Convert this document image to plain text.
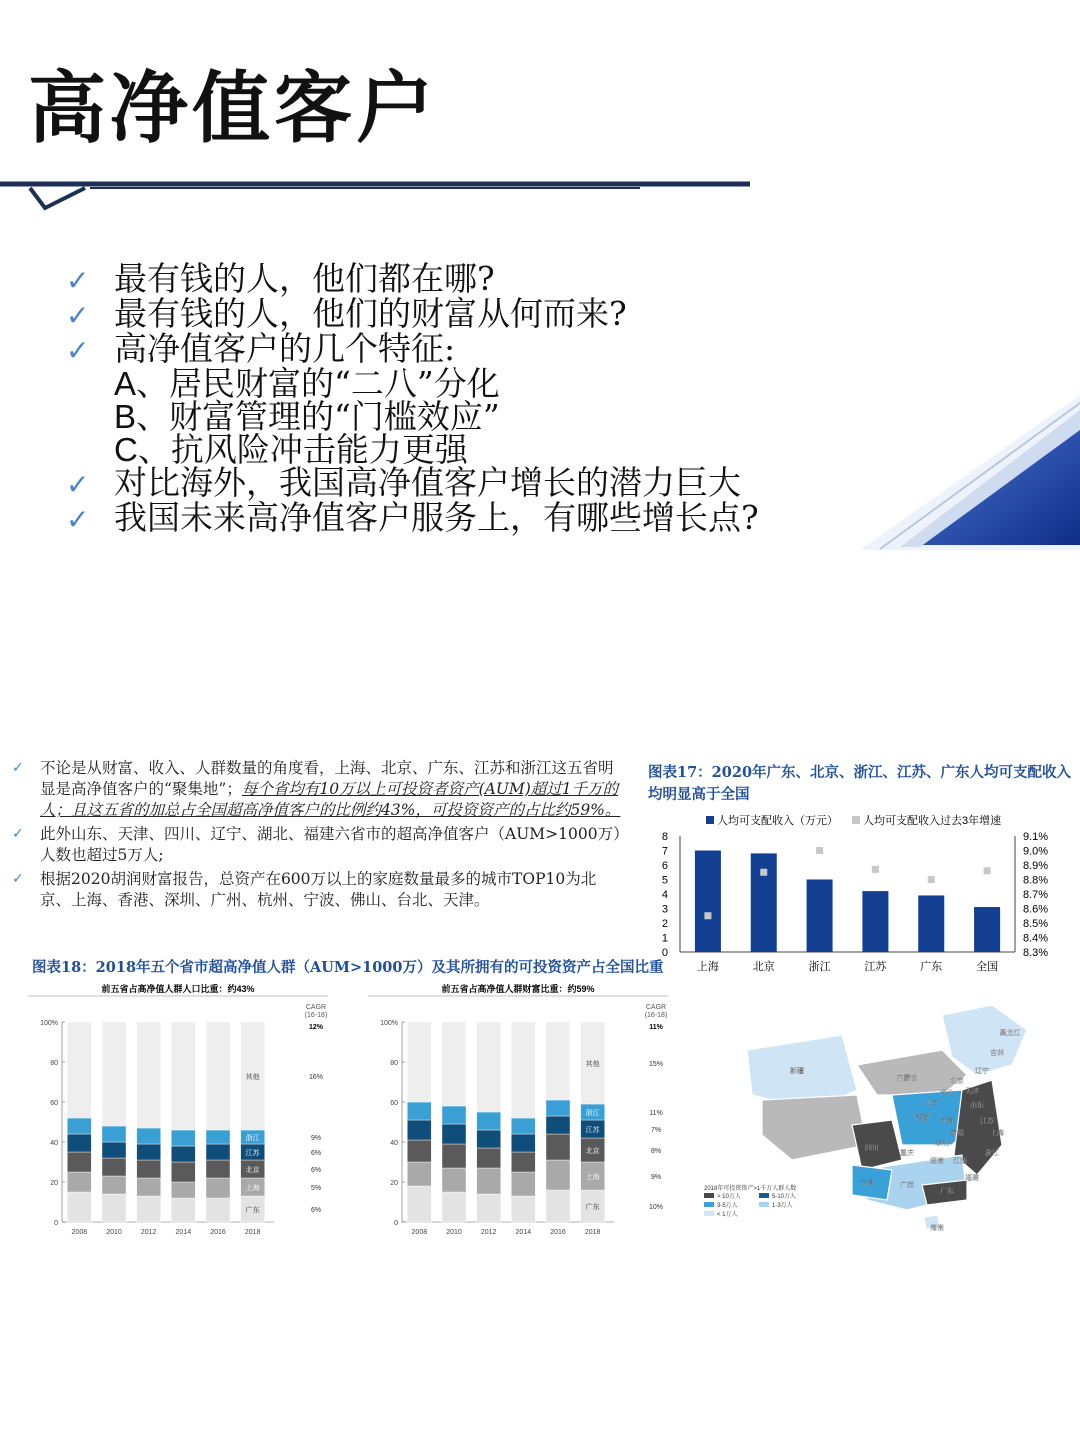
高净值客户
✓ 最有钱的人，他们都在哪?
✓ 最有钱的人，他们的财富从何而来?
✓ 高净值客户的几个特征:
A、居民财富的“二八”分化
B、财富管理的“门槛效应”
C、抗风险冲击能力更强
✓ 对比海外，我国高净值客户增长的潜力巨大
✓ 我国未来高净值客户服务上，有哪些增长点?
✓	不论是从财富、收入、人群数量的角度看，上海、北京、广东、江苏和浙江这五省明显是高净值客户的“聚集地”；每个省均有10万以上可投资者资产(AUM)超过1千万的人；且这五省的加总占全国超高净值客户的比例约43%，可投资资产的占比约59%。
✓	此外山东、天津、四川、辽宁、湖北、福建六省市的超高净值客户（AUM>1000万）人数也超过5万人;
✓	根据2020胡润财富报告，总资产在600万以上的家庭数量最多的城市TOP10为北京、上海、香港、深圳、广州、杭州、宁波、佛山、台北、天津。
图表17：2020年广东、北京、浙江、江苏、广东人均可支配收入均明显高于全国
人均可支配收入（万元） 人均可支配收入过去3年增速
0
1
2
3
4
5
6
7
8
8.3%
8.4%
8.5%
8.6%
8.7%
8.8%
8.9%
9.0%
9.1%
上海	北京	浙江	江苏	广东	全国
图表18：2018年五个省市超高净值人群（AUM>1000万）及其所拥有的可投资资产占全国比重
前五省占高净值人群人口比重：约43%
CAGR
(16-18)
12%
0
20
40
60
80
100%
2008	2010	2012	2014	2016	2018
广东	6%
上海	5%
北京	6%
江苏	6%
浙江	9%
其他	16%
前五省占高净值人群财富比重：约59%
CAGR
(16-18)
11%
0
20
40
60
80
100%
2008	2010	2012	2014	2016	2018
广东	10%
上海	9%
北京	8%
江苏	7%
浙江	11%
其他	15%
黑龙江
吉林
辽宁
内蒙古
新疆
北京
天津
河北
山西	山东
陕西 河南	江苏
上海
安徽
湖北
四川
重庆	浙江
湖南 江西
福建
云南	广西
广东
海南
2018年可投资资产>1千万人群人数
> 10万人	5-10万人
3-5万人	1-3万人
< 1万人
